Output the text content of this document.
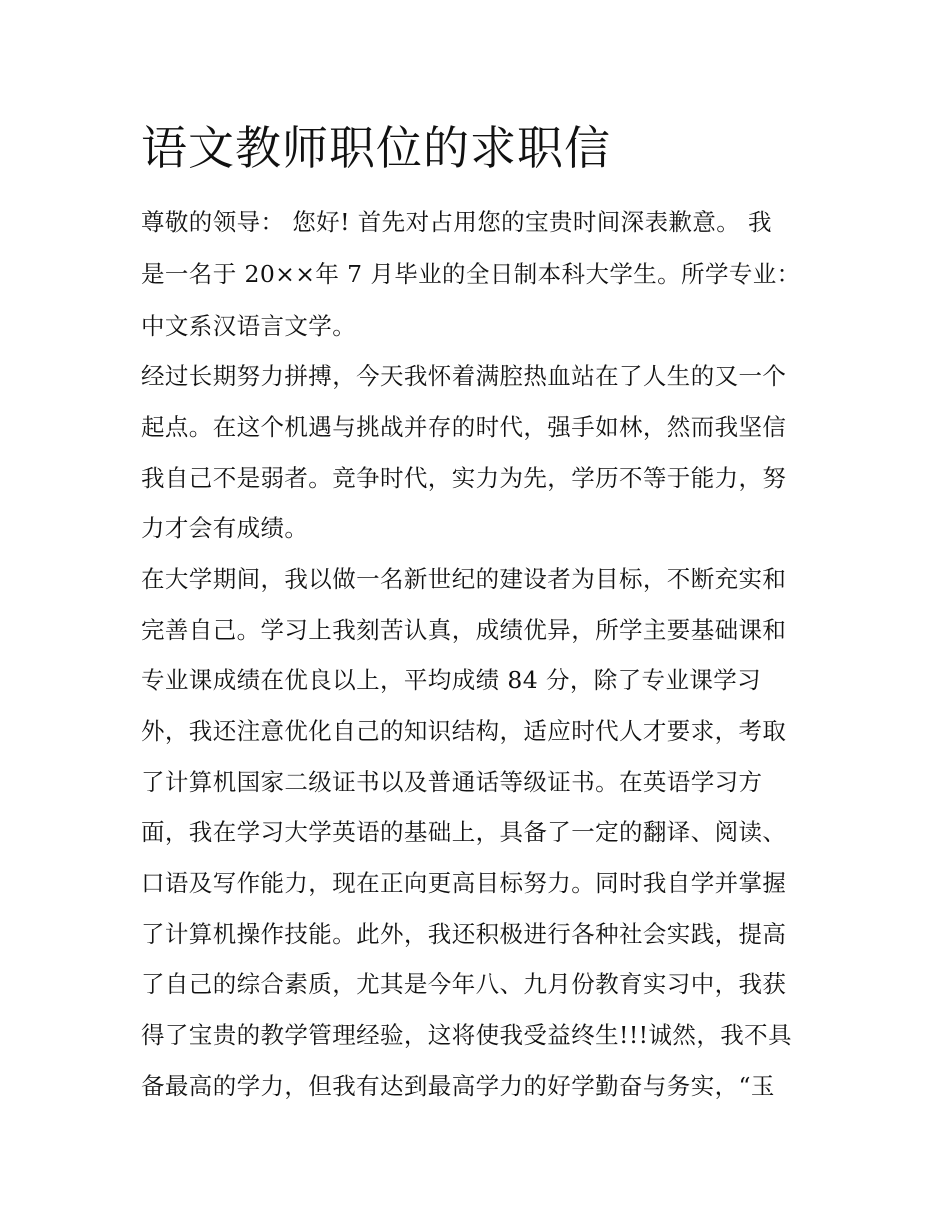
语文教师职位的求职信

尊敬的领导： 您好! 首先对占用您的宝贵时间深表歉意。 我

是一名于 20××年 7 月毕业的全日制本科大学生。所学专业：

中文系汉语言文学。

经过长期努力拼搏，今天我怀着满腔热血站在了人生的又一个

起点。在这个机遇与挑战并存的时代，强手如林，然而我坚信

我自己不是弱者。竞争时代，实力为先，学历不等于能力，努

力才会有成绩。

在大学期间，我以做一名新世纪的建设者为目标，不断充实和

完善自己。学习上我刻苦认真，成绩优异，所学主要基础课和

专业课成绩在优良以上，平均成绩 84 分，除了专业课学习

外，我还注意优化自己的知识结构，适应时代人才要求，考取

了计算机国家二级证书以及普通话等级证书。在英语学习方

面，我在学习大学英语的基础上，具备了一定的翻译、阅读、

口语及写作能力，现在正向更高目标努力。同时我自学并掌握

了计算机操作技能。此外，我还积极进行各种社会实践，提高

了自己的综合素质，尤其是今年八、九月份教育实习中，我获

得了宝贵的教学管理经验，这将使我受益终生!!!诚然，我不具

备最高的学力，但我有达到最高学力的好学勤奋与务实，“玉
